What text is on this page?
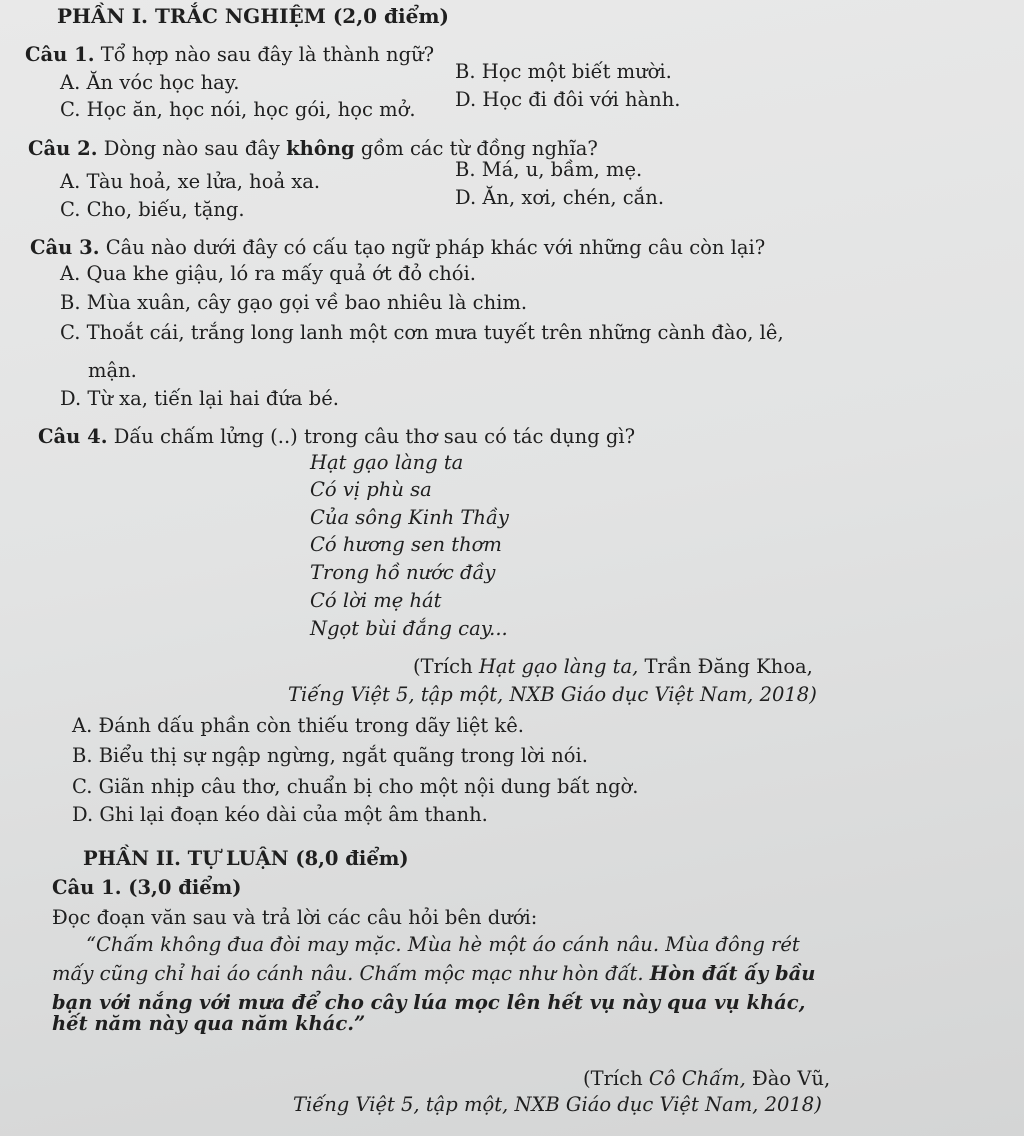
PHẦN I. TRẮC NGHIỆM (2,0 điểm)
Câu 1. Tổ hợp nào sau đây là thành ngữ?
A. Ăn vóc học hay.	B. Học một biết mười.
C. Học ăn, học nói, học gói, học mở. D. Học đi đôi với hành.
Câu 2. Dòng nào sau đây không gồm các từ đồng nghĩa?
A. Tàu hoả, xe lửa, hoả xa.
B. Má, u, bầm, mẹ.
C. Cho, biếu, tặng.
D. Ăn, xơi, chén, cắn.
Câu 3. Câu nào dưới đây có cấu tạo ngữ pháp khác với những câu còn lại?
A. Qua khe giậu, ló ra mấy quả ớt đỏ chói.
B. Mùa xuân, cây gạo gọi về bao nhiêu là chim.
C. Thoắt cái, trắng long lanh một cơn mưa tuyết trên những cành đào, lê,
mận.
D. Từ xa, tiến lại hai đứa bé.
Câu 4. Dấu chấm lửng (..) trong câu thơ sau có tác dụng gì?
Hạt gạo làng ta
Có vị phù sa
Của sông Kinh Thầy
Có hương sen thơm
Trong hồ nước đầy
Có lời mẹ hát
Ngọt bùi đắng cay...
(Trích Hạt gạo làng ta, Trần Đăng Khoa,
Tiếng Việt 5, tập một, NXB Giáo dục Việt Nam, 2018)
A. Đánh dấu phần còn thiếu trong dãy liệt kê.
B. Biểu thị sự ngập ngừng, ngắt quãng trong lời nói.
C. Giãn nhịp câu thơ, chuẩn bị cho một nội dung bất ngờ.
D. Ghi lại đoạn kéo dài của một âm thanh.
PHẦN II. TỰ LUẬN (8,0 điểm)
Câu 1. (3,0 điểm)
Đọc đoạn văn sau và trả lời các câu hỏi bên dưới:
“Chấm không đua đòi may mặc. Mùa hè một áo cánh nâu. Mùa đông rét
mấy cũng chỉ hai áo cánh nâu. Chấm mộc mạc như hòn đất. Hòn đất ấy bầu
bạn với nắng với mưa để cho cây lúa mọc lên hết vụ này qua vụ khác,
hết năm này qua năm khác.”
(Trích Cô Chấm, Đào Vũ,
Tiếng Việt 5, tập một, NXB Giáo dục Việt Nam, 2018)
